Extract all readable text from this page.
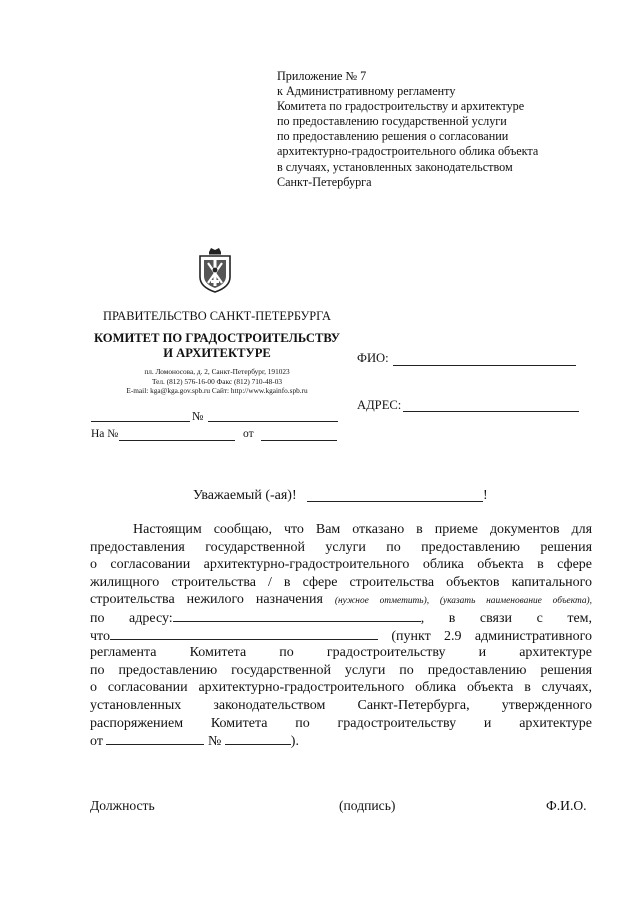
Приложение № 7
к Административному регламенту
Комитета по градостроительству и архитектуре
по предоставлению государственной услуги
по предоставлению решения о согласовании
архитектурно-градостроительного облика объекта
в случаях, установленных законодательством
Санкт-Петербурга
ПРАВИТЕЛЬСТВО САНКТ-ПЕТЕРБУРГА
КОМИТЕТ ПО ГРАДОСТРОИТЕЛЬСТВУ
И АРХИТЕКТУРЕ
пл. Ломоносова, д. 2, Санкт-Петербург, 191023
Тел. (812) 576-16-00 Факс (812) 710-48-03
E-mail: kga@kga.gov.spb.ru Сайт: http://www.kgainfo.spb.ru
№
На №	от
ФИО:
АДРЕС:
Уважаемый (-ая)!	!
Настоящим сообщаю, что Вам отказано в приеме документов для
предоставления государственной услуги по предоставлению решения
о согласовании архитектурно-градостроительного облика объекта в сфере
жилищного строительства / в сфере строительства объектов капитального
строительства нежилого назначения (нужное отметить), (указать наименование объекта),
по адресу:	, в связи с тем,
что	(пункт 2.9 административного
регламента Комитета по градостроительству и архитектуре
по предоставлению государственной услуги по предоставлению решения
о согласовании архитектурно-градостроительного облика объекта в случаях,
установленных законодательством Санкт-Петербурга, утвержденного
распоряжением Комитета по градостроительству и архитектуре
от	№	).
Должность	(подпись)	Ф.И.О.
